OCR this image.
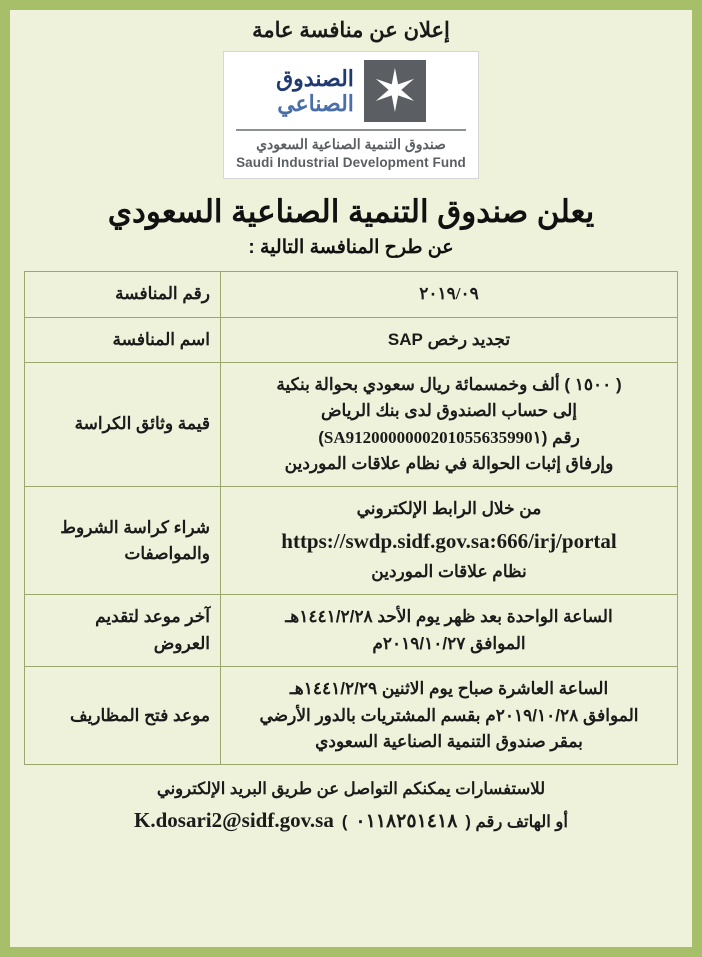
إعلان عن منافسة عامة
الصندوق
الصناعي ✶
صندوق التنمية الصناعية السعودي
Saudi Industrial Development Fund
يعلن صندوق التنمية الصناعية السعودي
عن طرح المنافسة التالية :
٢٠١٩/٠٩	رقم المنافسة
تجديد رخص SAP	اسم المنافسة

( ١٥٠٠ ) ألف وخمسمائة ريال سعودي بحوالة بنكية
إلى حساب الصندوق لدى بنك الرياض
رقم (SA9120000000201055635990١)
وإرفاق إثبات الحوالة في نظام علاقات الموردين	قيمة وثائق الكراسة

من خلال الرابط الإلكتروني
https://swdp.sidf.gov.sa:666/irj/portal
نظام علاقات الموردين	شراء كراسة الشروط والمواصفات

الساعة الواحدة بعد ظهر يوم الأحد ١٤٤١/٢/٢٨هـ
الموافق ٢٠١٩/١٠/٢٧م	آخر موعد لتقديم العروض

الساعة العاشرة صباح يوم الاثنين ١٤٤١/٢/٢٩هـ
الموافق ٢٠١٩/١٠/٢٨م بقسم المشتريات بالدور الأرضي
بمقر صندوق التنمية الصناعية السعودي	موعد فتح المظاريف
للاستفسارات يمكنكم التواصل عن طريق البريد الإلكتروني
أو الهاتف رقم (
٠١١٨٢٥١٤١٨
)
K.dosari2@sidf.gov.sa
